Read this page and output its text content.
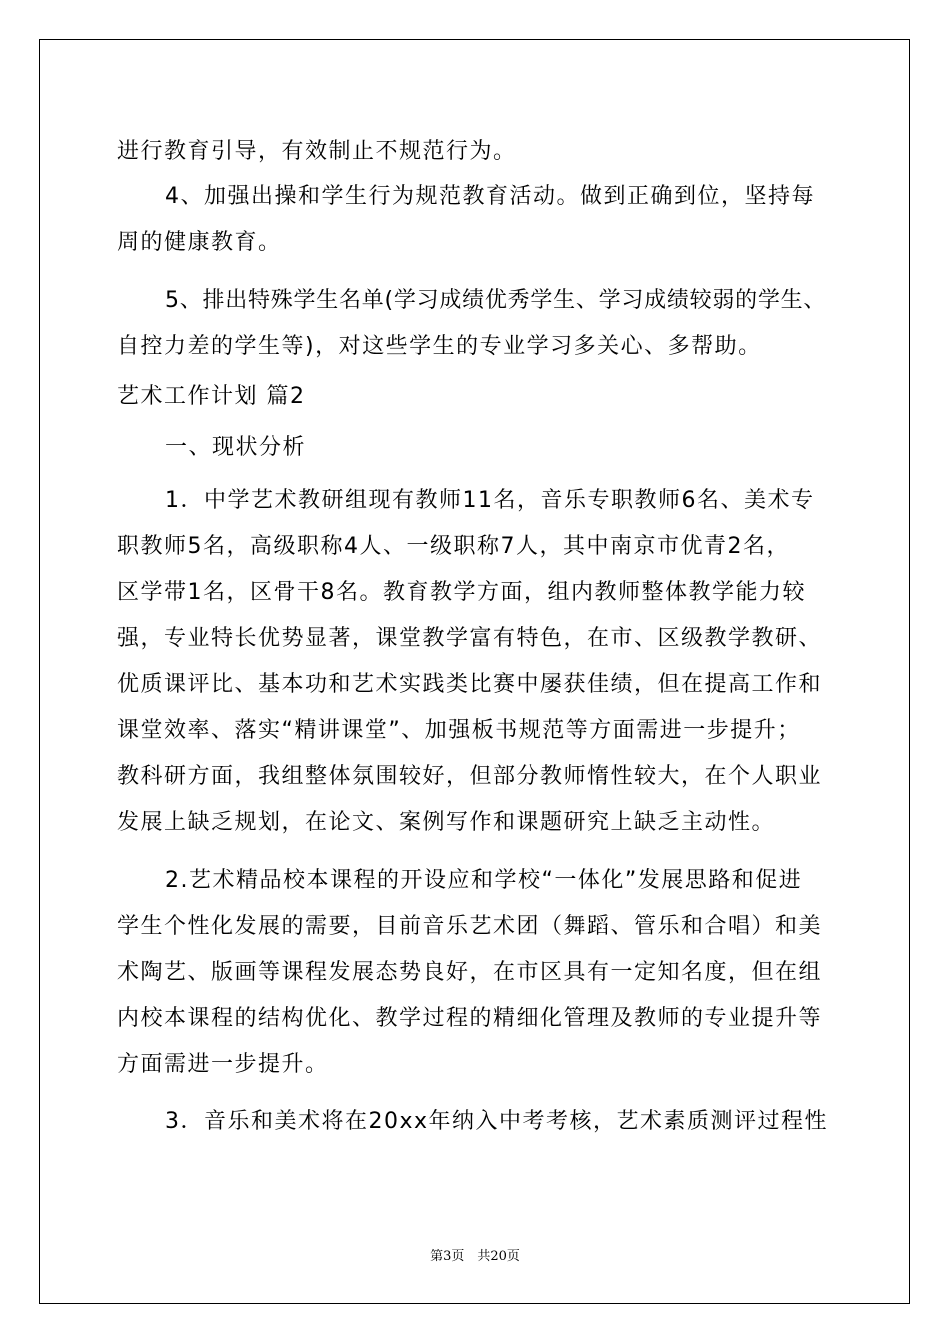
进行教育引导，有效制止不规范行为。
4、加强出操和学生行为规范教育活动。做到正确到位，坚持每
周的健康教育。
5、排出特殊学生名单(学习成绩优秀学生、学习成绩较弱的学生、
自控力差的学生等)，对这些学生的专业学习多关心、多帮助。
艺术工作计划 篇2
一、现状分析
1．中学艺术教研组现有教师11名，音乐专职教师6名、美术专
职教师5名，高级职称4人、一级职称7人，其中南京市优青2名，
区学带1名，区骨干8名。教育教学方面，组内教师整体教学能力较
强，专业特长优势显著，课堂教学富有特色，在市、区级教学教研、
优质课评比、基本功和艺术实践类比赛中屡获佳绩，但在提高工作和
课堂效率、落实“精讲课堂”、加强板书规范等方面需进一步提升；
教科研方面，我组整体氛围较好，但部分教师惰性较大，在个人职业
发展上缺乏规划，在论文、案例写作和课题研究上缺乏主动性。
2.艺术精品校本课程的开设应和学校“一体化”发展思路和促进
学生个性化发展的需要，目前音乐艺术团（舞蹈、管乐和合唱）和美
术陶艺、版画等课程发展态势良好，在市区具有一定知名度，但在组
内校本课程的结构优化、教学过程的精细化管理及教师的专业提升等
方面需进一步提升。
3．音乐和美术将在20xx年纳入中考考核，艺术素质测评过程性
第3页　共20页
